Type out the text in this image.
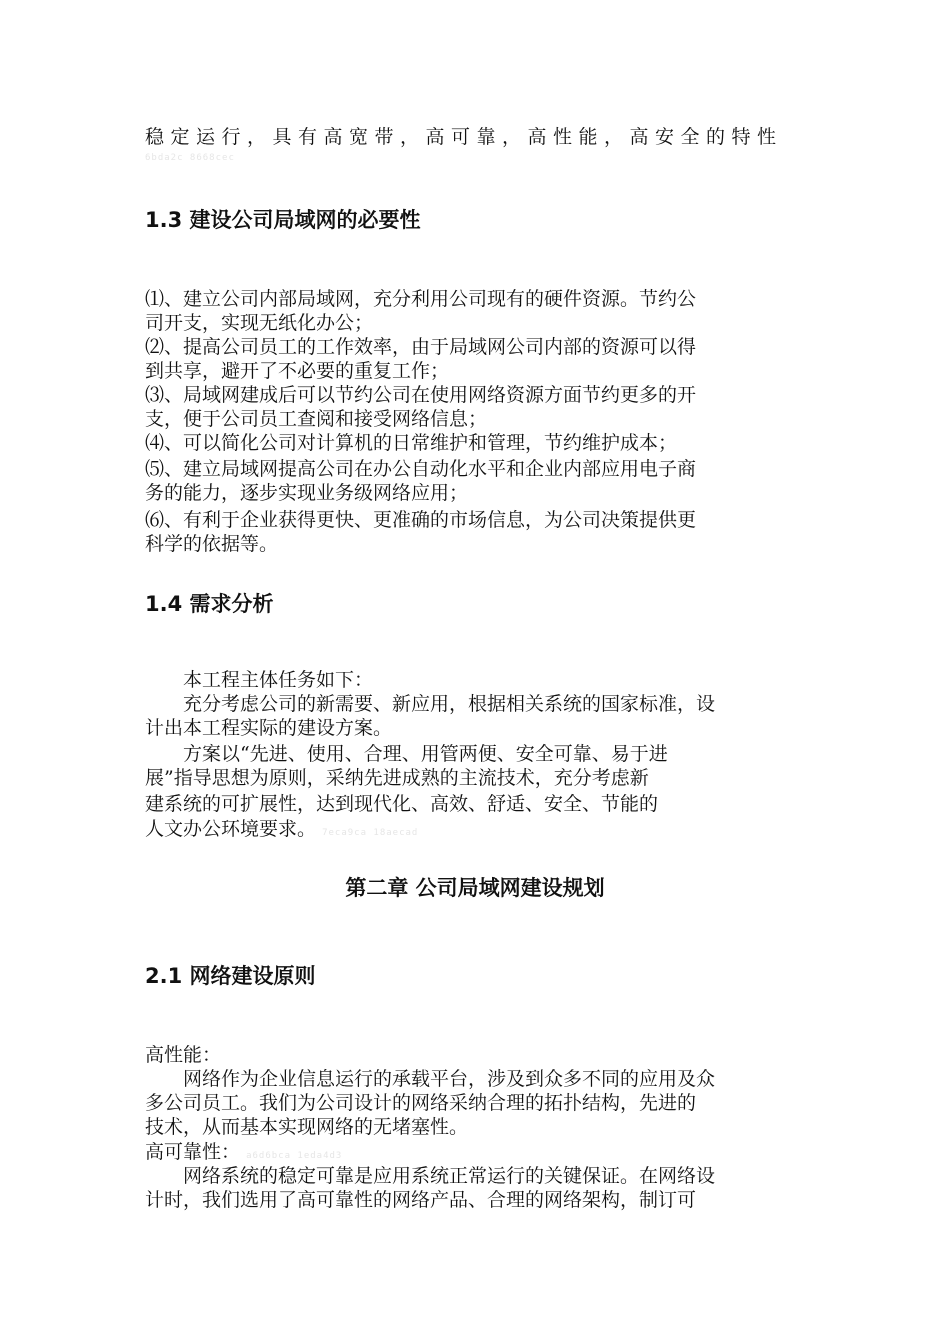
稳定运行，具有高宽带，高可靠，高性能，高安全的特性
6bda2c 8668cec
1.3 建设公司局域网的必要性
⑴、建立公司内部局域网，充分利用公司现有的硬件资源。节约公
司开支，实现无纸化办公；
⑵、提高公司员工的工作效率，由于局域网公司内部的资源可以得
到共享，避开了不必要的重复工作；
⑶、局域网建成后可以节约公司在使用网络资源方面节约更多的开
支，便于公司员工查阅和接受网络信息；
⑷、可以简化公司对计算机的日常维护和管理，节约维护成本；
⑸、建立局域网提高公司在办公自动化水平和企业内部应用电子商
务的能力，逐步实现业务级网络应用；
⑹、有利于企业获得更快、更准确的市场信息，为公司决策提供更
科学的依据等。
1.4 需求分析
　　本工程主体任务如下：
　　充分考虑公司的新需要、新应用，根据相关系统的国家标准，设
计出本工程实际的建设方案。
　　方案以“先进、使用、合理、用管两便、安全可靠、易于进
展”指导思想为原则，采纳先进成熟的主流技术，充分考虑新
建系统的可扩展性，达到现代化、高效、舒适、安全、节能的
人文办公环境要求。 7eca9ca 18aecad
第二章 公司局域网建设规划
2.1 网络建设原则
高性能：
　　网络作为企业信息运行的承载平台，涉及到众多不同的应用及众
多公司员工。我们为公司设计的网络采纳合理的拓扑结构，先进的
技术，从而基本实现网络的无堵塞性。
高可靠性： a6d6bca 1eda4d3
　　网络系统的稳定可靠是应用系统正常运行的关键保证。在网络设
计时，我们选用了高可靠性的网络产品、合理的网络架构，制订可
